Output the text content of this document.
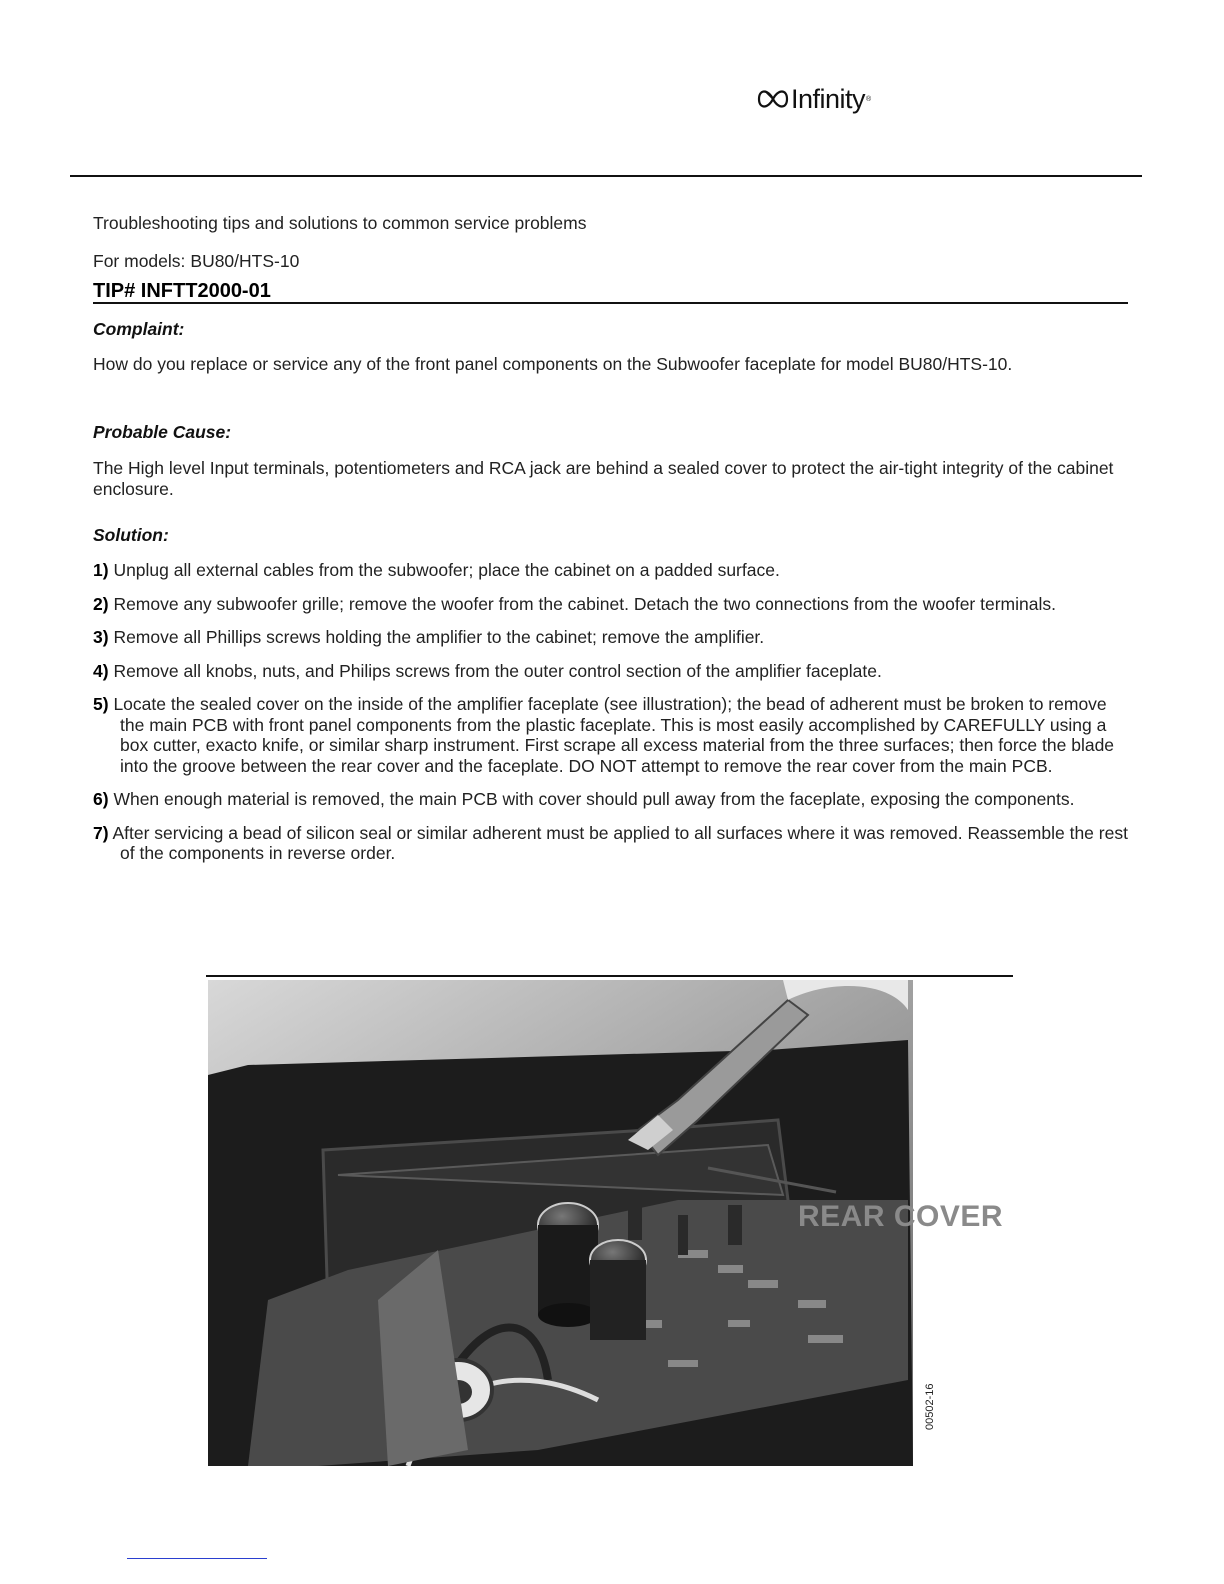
Infinity ®
Troubleshooting tips and solutions to common service problems
For models: BU80/HTS-10
TIP# INFTT2000-01
Complaint:
How do you replace or service any of the front panel components on the Subwoofer faceplate for model BU80/HTS-10.
Probable Cause:
The High level Input terminals, potentiometers and RCA jack are behind a sealed cover to protect the air-tight integrity of the cabinet enclosure.
Solution:
1) Unplug all external cables from the subwoofer; place the cabinet on a padded surface.
2) Remove any subwoofer grille; remove the woofer from the cabinet. Detach the two connections from the woofer terminals.
3) Remove all Phillips screws holding the amplifier to the cabinet; remove the amplifier.
4) Remove all knobs, nuts, and Philips screws from the outer control section of the amplifier faceplate.
5) Locate the sealed cover on the inside of the amplifier faceplate (see illustration); the bead of adherent must be broken to remove the main PCB with front panel components from the plastic faceplate. This is most easily accomplished by CAREFULLY using a box cutter, exacto knife, or similar sharp instrument. First scrape all excess material from the three surfaces; then force the blade into the groove between the rear cover and the faceplate. DO NOT attempt to remove the rear cover from the main PCB.
6) When enough material is removed, the main PCB with cover should pull away from the faceplate, exposing the components.
7) After servicing a bead of silicon seal or similar adherent must be applied to all surfaces where it was removed. Reassemble the rest of the components in reverse order.
REAR COVER
00502-16
